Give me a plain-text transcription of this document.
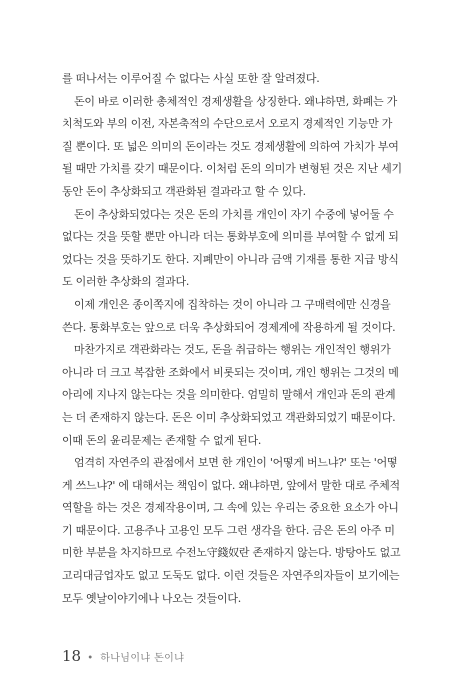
를 떠나서는 이루어질 수 없다는 사실 또한 잘 알려졌다.
돈이 바로 이러한 총체적인 경제생활을 상징한다. 왜냐하면, 화폐는 가
치척도와 부의 이전, 자본축적의 수단으로서 오로지 경제적인 기능만 가
질 뿐이다. 또 넓은 의미의 돈이라는 것도 경제생활에 의하여 가치가 부여
될 때만 가치를 갖기 때문이다. 이처럼 돈의 의미가 변형된 것은 지난 세기
동안 돈이 추상화되고 객관화된 결과라고 할 수 있다.
돈이 추상화되었다는 것은 돈의 가치를 개인이 자기 수중에 넣어둘 수
없다는 것을 뜻할 뿐만 아니라 더는 통화부호에 의미를 부여할 수 없게 되
었다는 것을 뜻하기도 한다. 지폐만이 아니라 금액 기재를 통한 지급 방식
도 이러한 추상화의 결과다.
이제 개인은 종이쪽지에 집착하는 것이 아니라 그 구매력에만 신경을
쓴다. 통화부호는 앞으로 더욱 추상화되어 경제계에 작용하게 될 것이다.
마찬가지로 객관화라는 것도, 돈을 취급하는 행위는 개인적인 행위가
아니라 더 크고 복잡한 조화에서 비롯되는 것이며, 개인 행위는 그것의 메
아리에 지나지 않는다는 것을 의미한다. 엄밀히 말해서 개인과 돈의 관계
는 더 존재하지 않는다. 돈은 이미 추상화되었고 객관화되었기 때문이다.
이때 돈의 윤리문제는 존재할 수 없게 된다.
엄격히 자연주의 관점에서 보면 한 개인이 '어떻게 버느냐?' 또는 '어떻
게 쓰느냐?' 에 대해서는 책임이 없다. 왜냐하면, 앞에서 말한 대로 주체적
역할을 하는 것은 경제작용이며, 그 속에 있는 우리는 중요한 요소가 아니
기 때문이다. 고용주나 고용인 모두 그런 생각을 한다. 금은 돈의 아주 미
미한 부분을 차지하므로 수전노守錢奴란 존재하지 않는다. 방탕아도 없고
고리대금업자도 없고 도둑도 없다. 이런 것들은 자연주의자들이 보기에는
모두 옛날이야기에나 나오는 것들이다.
18 • 하나님이냐 돈이냐
